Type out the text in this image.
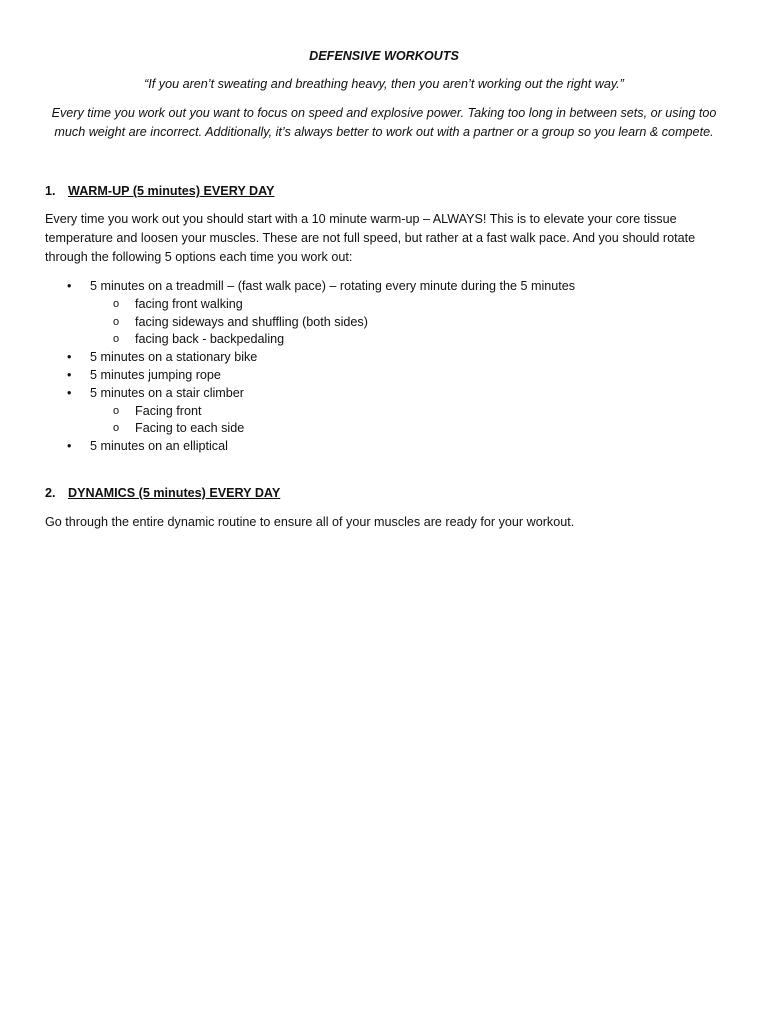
DEFENSIVE WORKOUTS
“If you aren’t sweating and breathing heavy, then you aren’t working out the right way.”
Every time you work out you want to focus on speed and explosive power. Taking too long in between sets, or using too much weight are incorrect. Additionally, it’s always better to work out with a partner or a group so you learn & compete.
1. WARM-UP (5 minutes) EVERY DAY
Every time you work out you should start with a 10 minute warm-up – ALWAYS! This is to elevate your core tissue temperature and loosen your muscles. These are not full speed, but rather at a fast walk pace. And you should rotate through the following 5 options each time you work out:
• 5 minutes on a treadmill – (fast walk pace) – rotating every minute during the 5 minutes
o facing front walking
o facing sideways and shuffling (both sides)
o facing back - backpedaling
• 5 minutes on a stationary bike
• 5 minutes jumping rope
• 5 minutes on a stair climber
o Facing front
o Facing to each side
• 5 minutes on an elliptical
2. DYNAMICS (5 minutes) EVERY DAY
Go through the entire dynamic routine to ensure all of your muscles are ready for your workout.
